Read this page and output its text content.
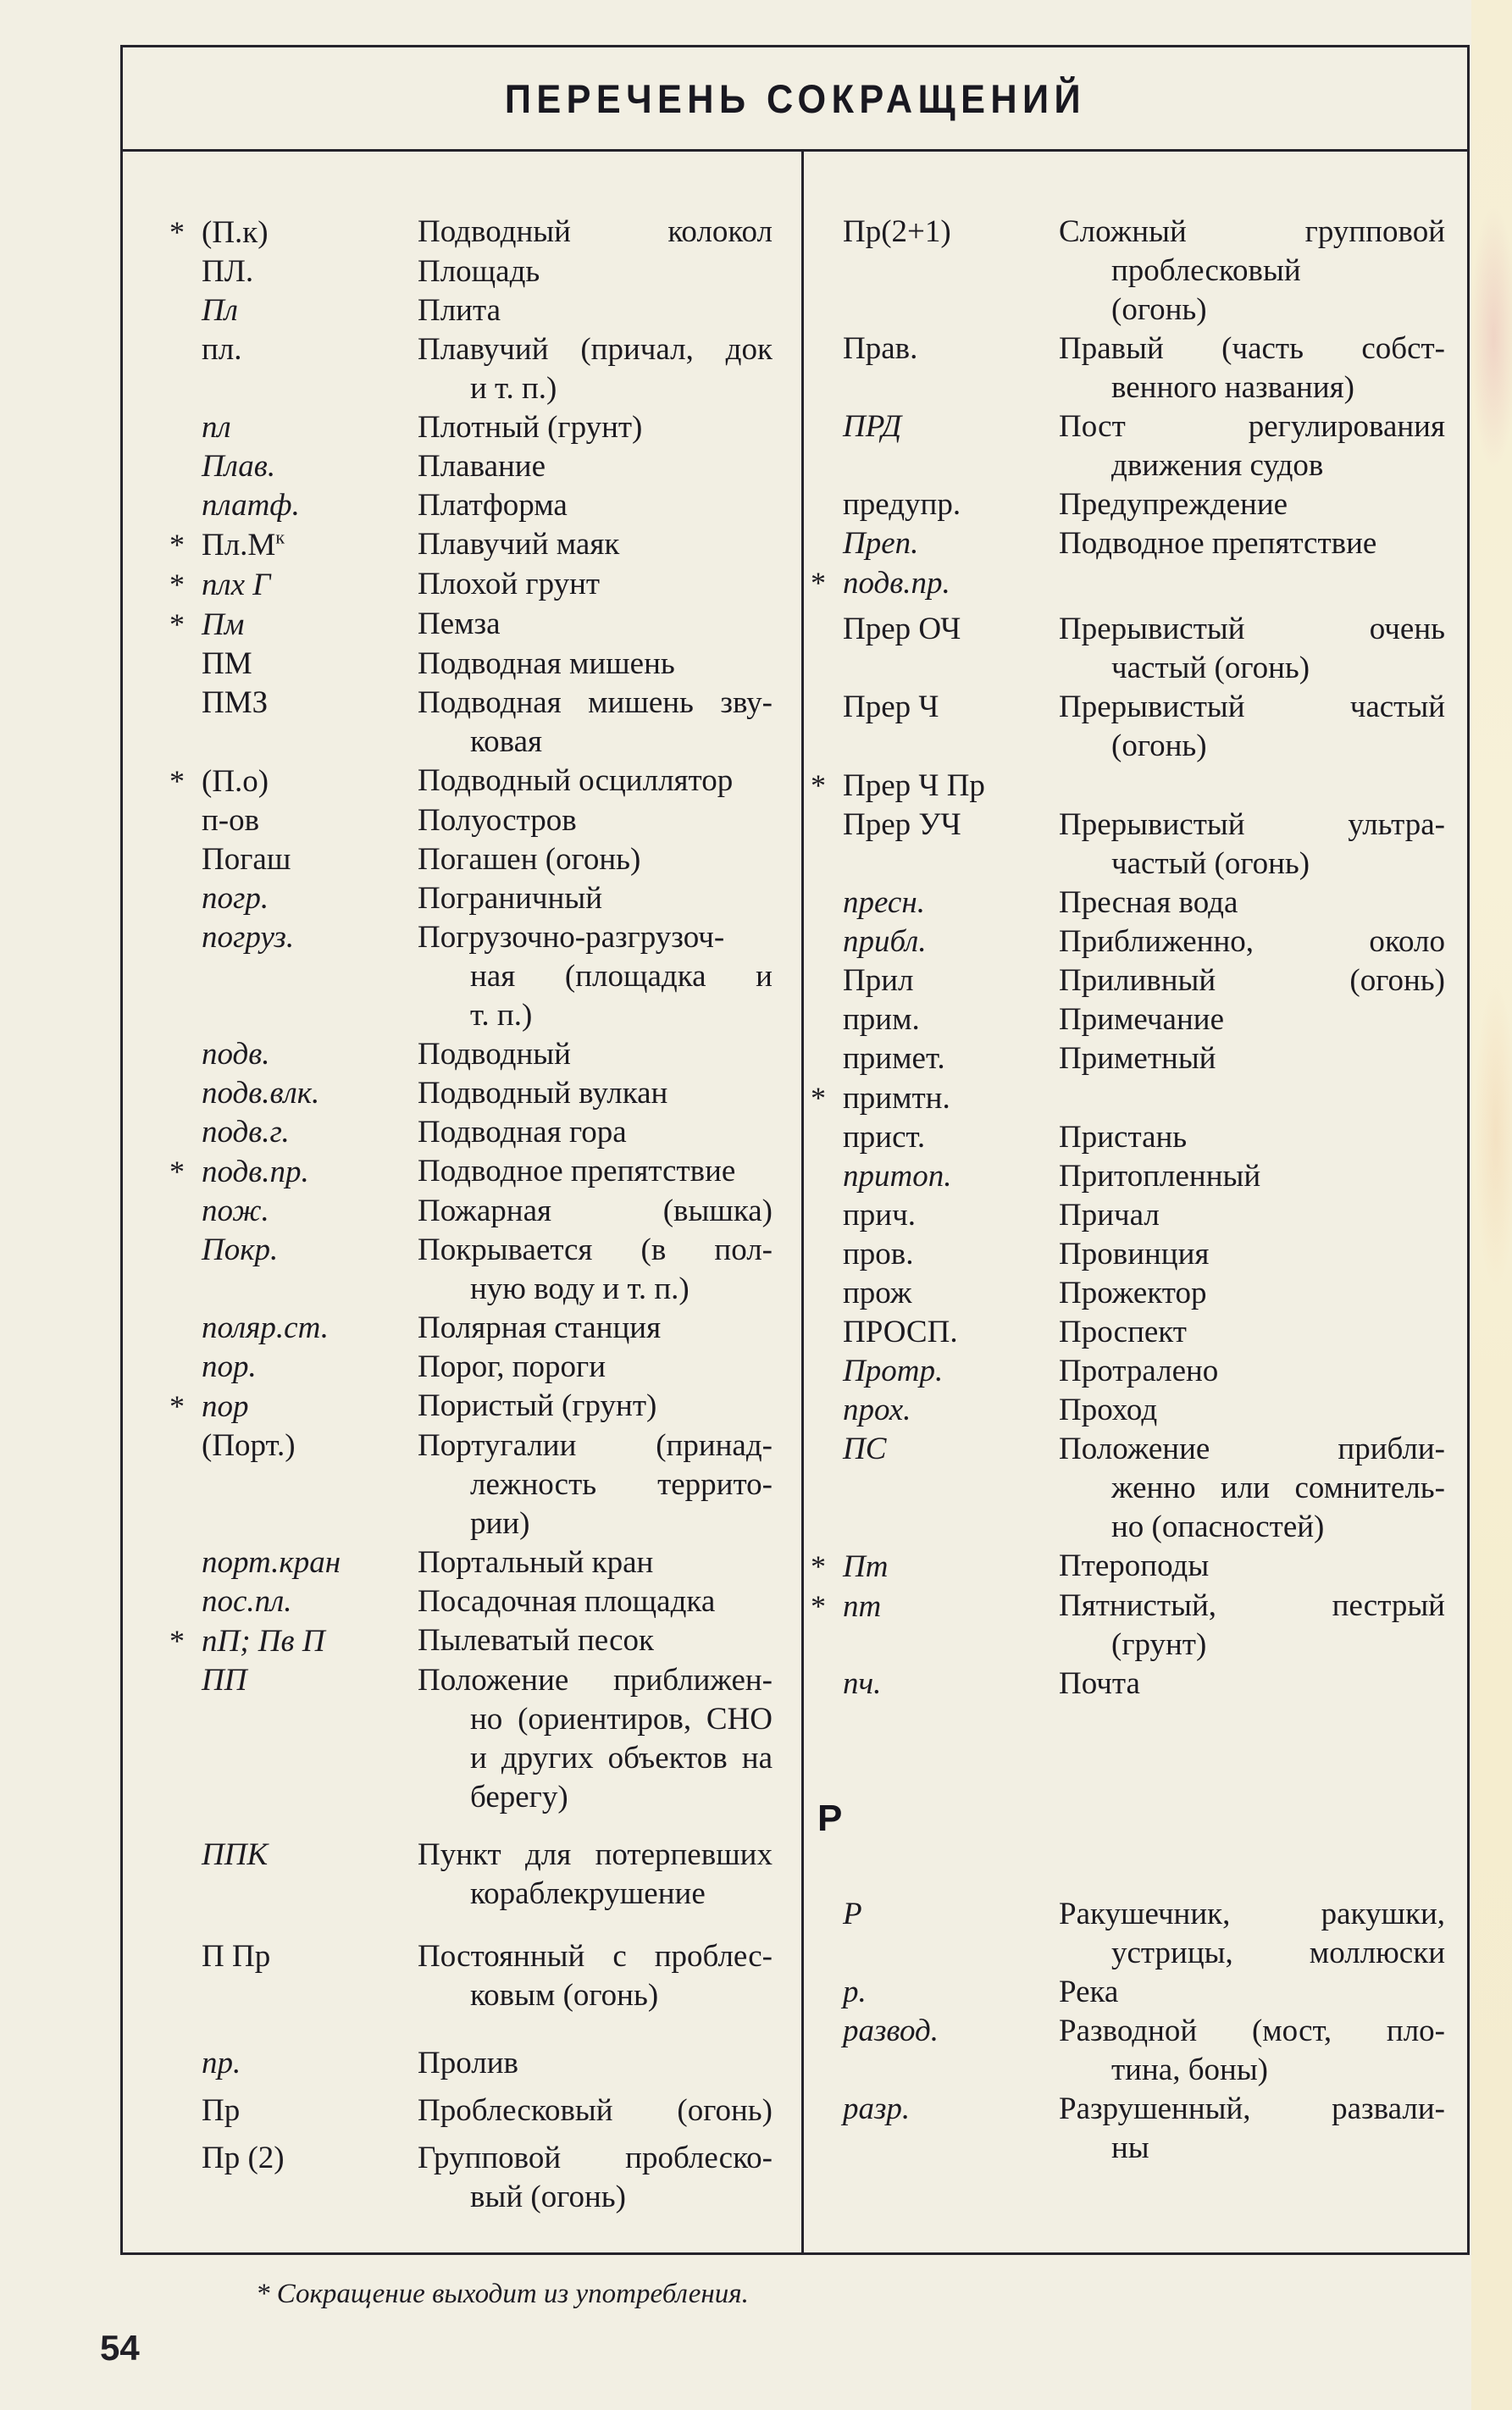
ПЕРЕЧЕНЬ СОКРАЩЕНИЙ
* (П.к)	Подводный колокол
ПЛ.	Площадь
Пл	Плита
пл.	Плавучий (причал, док
и т. п.)
пл	Плотный (грунт)
Плав.	Плавание
платф.	Платформа
* $Пл.М^к$	Плавучий маяк
* плх Г	Плохой грунт
* Пм	Пемза
ПМ	Подводная мишень
ПМЗ	Подводная мишень зву-
ковая
* (П.о)	Подводный осциллятор
п-ов	Полуостров
Погаш	Погашен (огонь)
погр.	Пограничный
погруз.	Погрузочно-разгрузоч-
ная (площадка и
т. п.)
подв.	Подводный
подв.влк.	Подводный вулкан
подв.г.	Подводная гора
* подв.пр.	Подводное препятствие
пож.	Пожарная (вышка)
Покр.	Покрывается (в пол-
ную воду и т. п.)
поляр.ст.	Полярная станция
пор.	Порог, пороги
* пор	Пористый (грунт)
(Порт.)	Португалии (принад-
лежность террито-
рии)
порт.кран	Портальный кран
пос.пл.	Посадочная площадка
* пП; Пв П	Пылеватый песок
ПП	Положение приближен-
но (ориентиров, СНО
и других объектов на
берегу)
ППК	Пункт для потерпевших
кораблекрушение
П Пр	Постоянный с проблес-
ковым (огонь)
пр.	Пролив
Пр	Проблесковый (огонь)
Пр (2)	Групповой проблеско-
вый (огонь)
Пр(2+1)	Сложный групповой
проблесковый
(огонь)
Прав.	Правый (часть собст-
венного названия)
ПРД	Пост регулирования
движения судов
предупр.	Предупреждение
Преп.	Подводное препятствие
* подв.пр.
Прер ОЧ	Прерывистый очень
частый (огонь)
Прер Ч	Прерывистый частый
(огонь)
* Прер Ч Пр
Прер УЧ	Прерывистый ультра-
частый (огонь)
пресн.	Пресная вода
прибл.	Приближенно, около
Прил	Приливный (огонь)
прим.	Примечание
примет.	Приметный
* примтн.
прист.	Пристань
притоп.	Притопленный
прич.	Причал
пров.	Провинция
прож	Прожектор
ПРОСП.	Проспект
Протр.	Протралено
прох.	Проход
ПС	Положение прибли-
женно или сомнитель-
но (опасностей)
* Пт	Птероподы
* пт	Пятнистый, пестрый
(грунт)
пч.	Почта
Р
Р	Ракушечник, ракушки,
устрицы, моллюски
р.	Река
развод.	Разводной (мост, пло-
тина, боны)
разр.	Разрушенный, развали-
ны
* Сокращение выходит из употребления.
54
